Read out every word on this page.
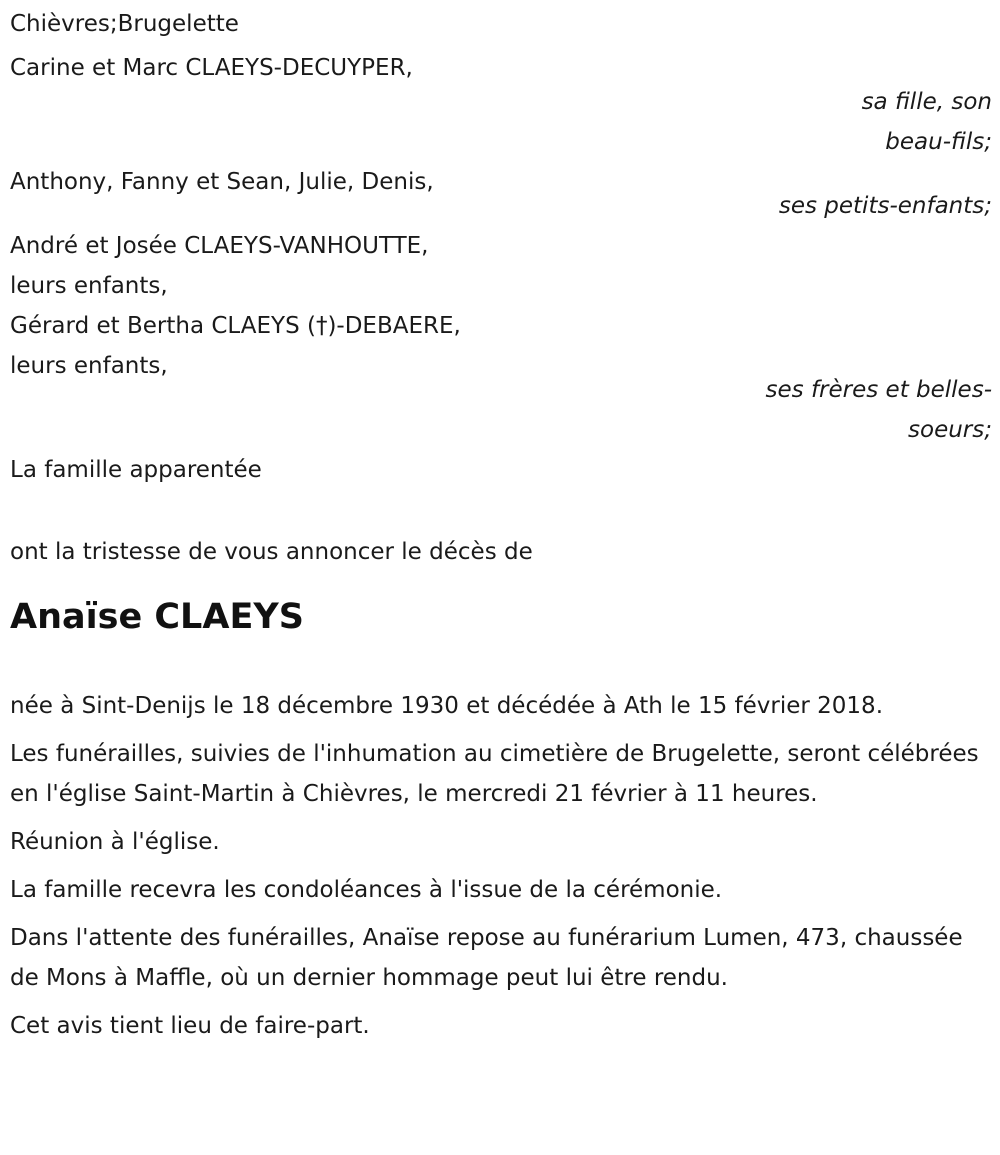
Chièvres;Brugelette
Carine et Marc CLAEYS-DECUYPER,
sa fille, son
beau-fils;
Anthony, Fanny et Sean, Julie, Denis,
ses petits-enfants;
André et Josée CLAEYS-VANHOUTTE,
leurs enfants,
Gérard et Bertha CLAEYS (†)-DEBAERE,
leurs enfants,
ses frères et belles-
soeurs;
La famille apparentée
ont la tristesse de vous annoncer le décès de
Anaïse CLAEYS
née à Sint-Denijs le 18 décembre 1930 et décédée à Ath le 15 février 2018.
Les funérailles, suivies de l'inhumation au cimetière de Brugelette, seront célébrées en l'église Saint-Martin à Chièvres, le mercredi 21 février à 11 heures.
Réunion à l'église.
La famille recevra les condoléances à l'issue de la cérémonie.
Dans l'attente des funérailles, Anaïse repose au funérarium Lumen, 473, chaussée de Mons à Maffle, où un dernier hommage peut lui être rendu.
Cet avis tient lieu de faire-part.
